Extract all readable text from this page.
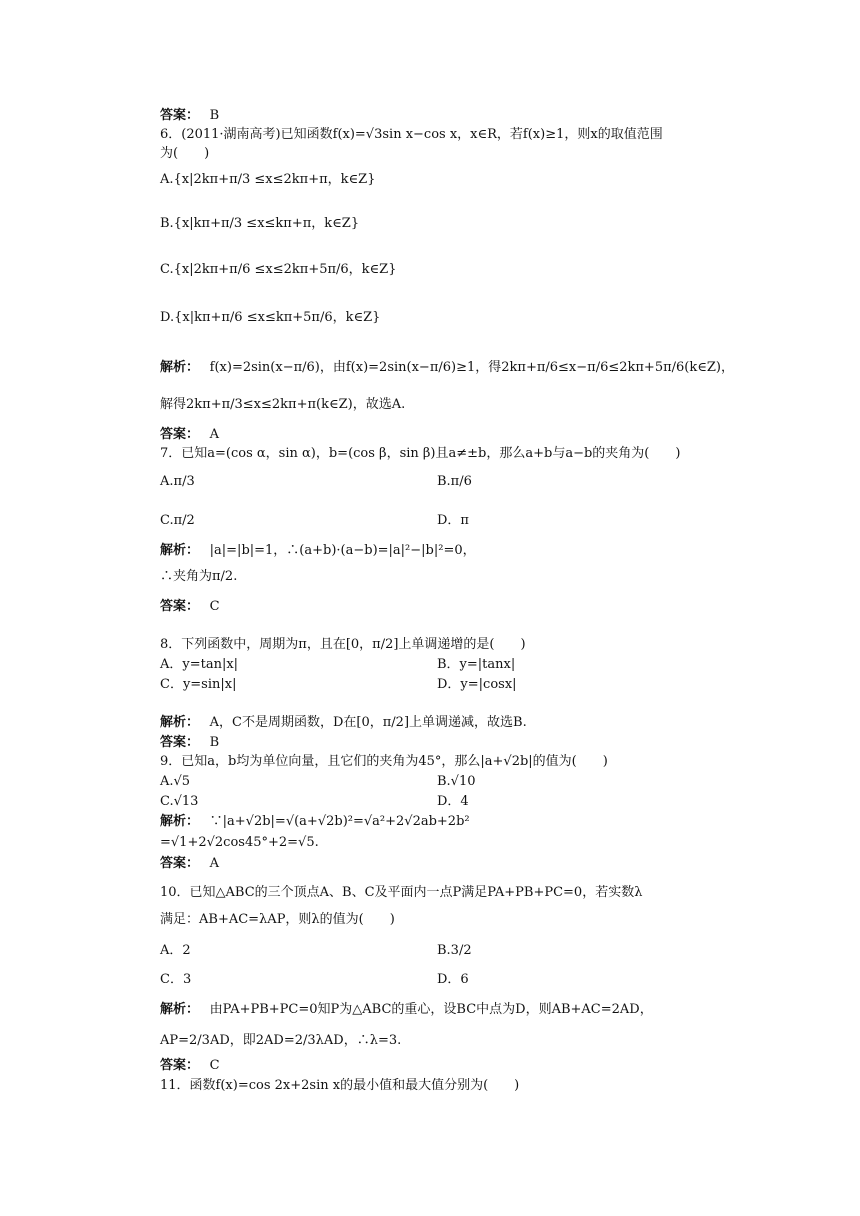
答案：　 B
6．(2011·湖南高考)已知函数f(x)=√3sin x−cos x，x∈R，若f(x)≥1，则x的取值范围
为(　　)
A.{x|2kπ+π/3 ≤x≤2kπ+π，k∈Z}
B.{x|kπ+π/3 ≤x≤kπ+π，k∈Z}
C.{x|2kπ+π/6 ≤x≤2kπ+5π/6，k∈Z}
D.{x|kπ+π/6 ≤x≤kπ+5π/6，k∈Z}
解析：　 f(x)=2sin(x−π/6)，由f(x)=2sin(x−π/6)≥1，得2kπ+π/6≤x−π/6≤2kπ+5π/6(k∈Z)，
解得2kπ+π/3≤x≤2kπ+π(k∈Z)，故选A.
答案：　 A
7．已知a=(cos α，sin α)，b=(cos β，sin β)且a≠±b，那么a+b与a−b的夹角为(　　)
A.π/3	B.π/6
C.π/2	D．π
解析：　 |a|=|b|=1，∴(a+b)·(a−b)=|a|²−|b|²=0，
∴夹角为π/2.
答案：　 C
8．下列函数中，周期为π，且在[0，π/2]上单调递增的是(　　)
A．y=tan|x|	B．y=|tanx|
C．y=sin|x|	D．y=|cosx|
解析：　 A，C不是周期函数，D在[0，π/2]上单调递减，故选B.
答案：　 B
9．已知a，b均为单位向量，且它们的夹角为45°，那么|a+√2b|的值为(　　)
A.√5	B.√10
C.√13	D．4
解析：　 ∵|a+√2b|=√(a+√2b)²=√a²+2√2ab+2b²
=√1+2√2cos45°+2=√5.
答案：　 A
10．已知△ABC的三个顶点A、B、C及平面内一点P满足PA+PB+PC=0，若实数λ
满足：AB+AC=λAP，则λ的值为(　　)
A．2	B.3/2
C．3	D．6
解析：　 由PA+PB+PC=0知P为△ABC的重心，设BC中点为D，则AB+AC=2AD，
AP=2/3AD，即2AD=2/3λAD，∴λ=3.
答案：　 C
11．函数f(x)=cos 2x+2sin x的最小值和最大值分别为(　　)
